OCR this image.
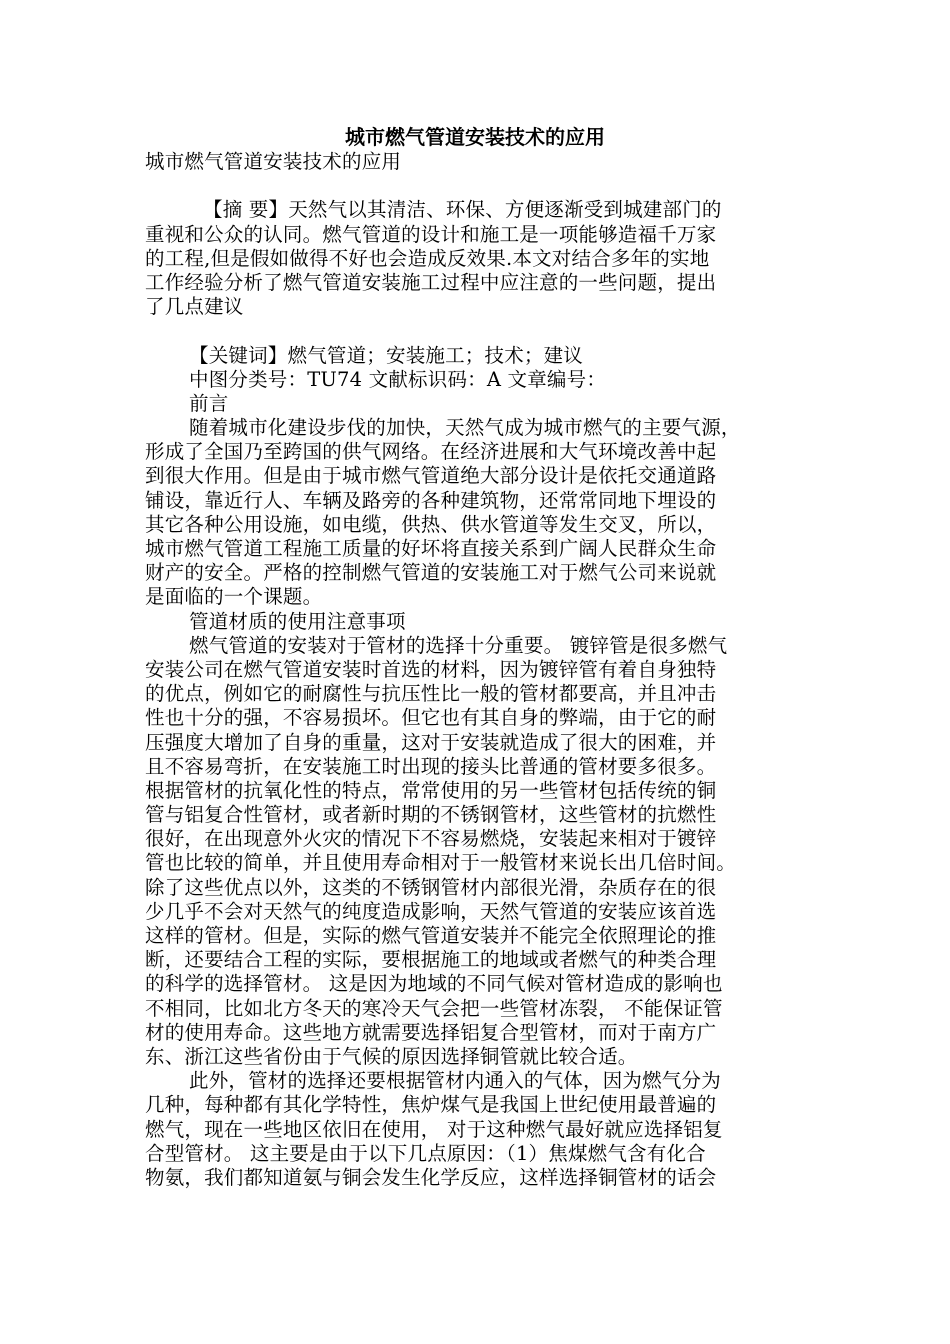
城市燃气管道安装技术的应用

城市燃气管道安装技术的应用

【摘 要】天然气以其清洁、环保、方便逐渐受到城建部门的

重视和公众的认同。燃气管道的设计和施工是一项能够造福千万家

的工程,但是假如做得不好也会造成反效果.本文对结合多年的实地

工作经验分析了燃气管道安装施工过程中应注意的一些问题，提出

了几点建议

【关键词】燃气管道；安装施工；技术；建议

中图分类号：TU74 文献标识码：A 文章编号：

前言

随着城市化建设步伐的加快，天然气成为城市燃气的主要气源，

形成了全国乃至跨国的供气网络。在经济进展和大气环境改善中起

到很大作用。但是由于城市燃气管道绝大部分设计是依托交通道路

铺设，靠近行人、车辆及路旁的各种建筑物，还常常同地下埋设的

其它各种公用设施，如电缆，供热、供水管道等发生交叉，所以，

城市燃气管道工程施工质量的好坏将直接关系到广阔人民群众生命

财产的安全。严格的控制燃气管道的安装施工对于燃气公司来说就

是面临的一个课题。

管道材质的使用注意事项

燃气管道的安装对于管材的选择十分重要。 镀锌管是很多燃气

安装公司在燃气管道安装时首选的材料，因为镀锌管有着自身独特

的优点，例如它的耐腐性与抗压性比一般的管材都要高，并且冲击

性也十分的强，不容易损坏。但它也有其自身的弊端，由于它的耐

压强度大增加了自身的重量，这对于安装就造成了很大的困难，并

且不容易弯折，在安装施工时出现的接头比普通的管材要多很多。

根据管材的抗氧化性的特点，常常使用的另一些管材包括传统的铜

管与铝复合性管材，或者新时期的不锈钢管材，这些管材的抗燃性

很好，在出现意外火灾的情况下不容易燃烧，安装起来相对于镀锌

管也比较的简单，并且使用寿命相对于一般管材来说长出几倍时间。

除了这些优点以外，这类的不锈钢管材内部很光滑，杂质存在的很

少几乎不会对天然气的纯度造成影响，天然气管道的安装应该首选

这样的管材。但是，实际的燃气管道安装并不能完全依照理论的推

断，还要结合工程的实际，要根据施工的地域或者燃气的种类合理

的科学的选择管材。 这是因为地域的不同气候对管材造成的影响也

不相同，比如北方冬天的寒冷天气会把一些管材冻裂， 不能保证管

材的使用寿命。这些地方就需要选择铝复合型管材，而对于南方广

东、浙江这些省份由于气候的原因选择铜管就比较合适。

此外，管材的选择还要根据管材内通入的气体，因为燃气分为

几种，每种都有其化学特性，焦炉煤气是我国上世纪使用最普遍的

燃气，现在一些地区依旧在使用， 对于这种燃气最好就应选择铝复

合型管材。 这主要是由于以下几点原因：（1）焦煤燃气含有化合

物氨，我们都知道氨与铜会发生化学反应，这样选择铜管材的话会
